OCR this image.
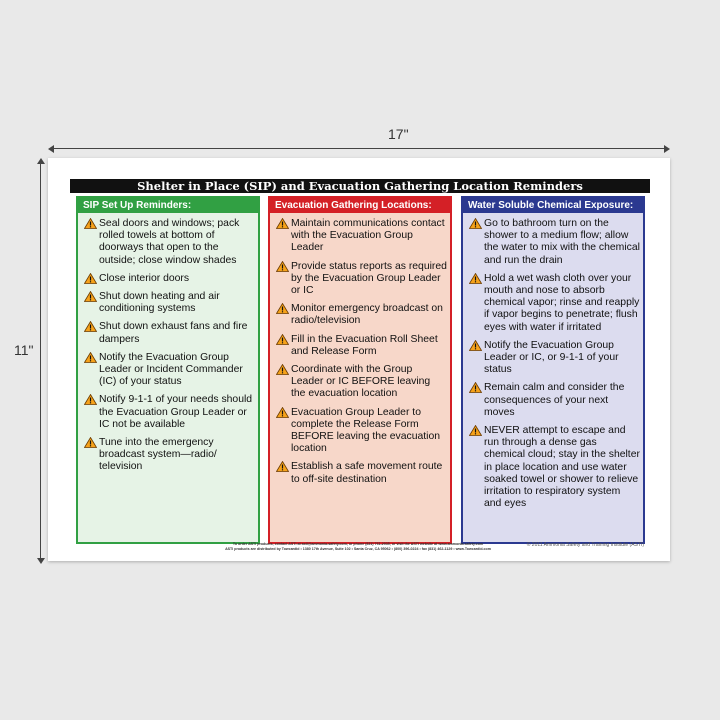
17"
11"
Shelter in Place (SIP) and Evacuation Gathering Location Reminders
SIP Set Up Reminders:
Seal doors and windows; pack rolled towels at bottom of doorways that open to the outside; close window shades
Close interior doors
Shut down heating and air conditioning systems
Shut down exhaust fans and fire dampers
Notify the Evacuation Group Leader or Incident Commander (IC) of your status
Notify 9-1-1 of your needs should the Evacuation Group Leader or IC not be available
Tune into the emergency broadcast system—radio/ television
Evacuation Gathering Locations:
Maintain communications contact with the Evacuation Group Leader
Provide status reports as required by the Evacuation Group Leader or IC
Monitor emergency broadcast on radio/television
Fill in the Evacuation Roll Sheet and Release Form
Coordinate with the Group Leader or IC BEFORE leaving the evacuation location
Evacuation Group Leader to complete the Release Form BEFORE leaving the evacuation location
Establish a safe movement route to off-site destination
Water Soluble Chemical Exposure:
Go to bathroom turn on the shower to a medium flow; allow the water to mix with the chemical and run the drain
Hold a wet wash cloth over your mouth and nose to absorb chemical vapor; rinse and reapply if vapor begins to penetrate; flush eyes with water if irritated
Notify the Evacuation Group Leader or IC, or 9-1-1 of your status
Remain calm and consider the consequences of your next moves
NEVER attempt to escape and run through a dense gas chemical cloud; stay in the shelter in place location and use water soaked towel or shower to relieve irritation to respiratory system and eyes
To order ASTI products, contact ASTI at asti@ammonia-safety.com, or phone (831) 761-2935, or visit the ASTI website at www.ammonia-safety.com
ASTI products are distributed by Towcardid • 1380 17th Avenue, Suite 102 • Santa Cruz, CA 95062 • (800) 396-0224 • fax (831) 462-1129 • www.Towcardid.com
© 2011 Ammonia Safety and Training Institute (ASTI)
